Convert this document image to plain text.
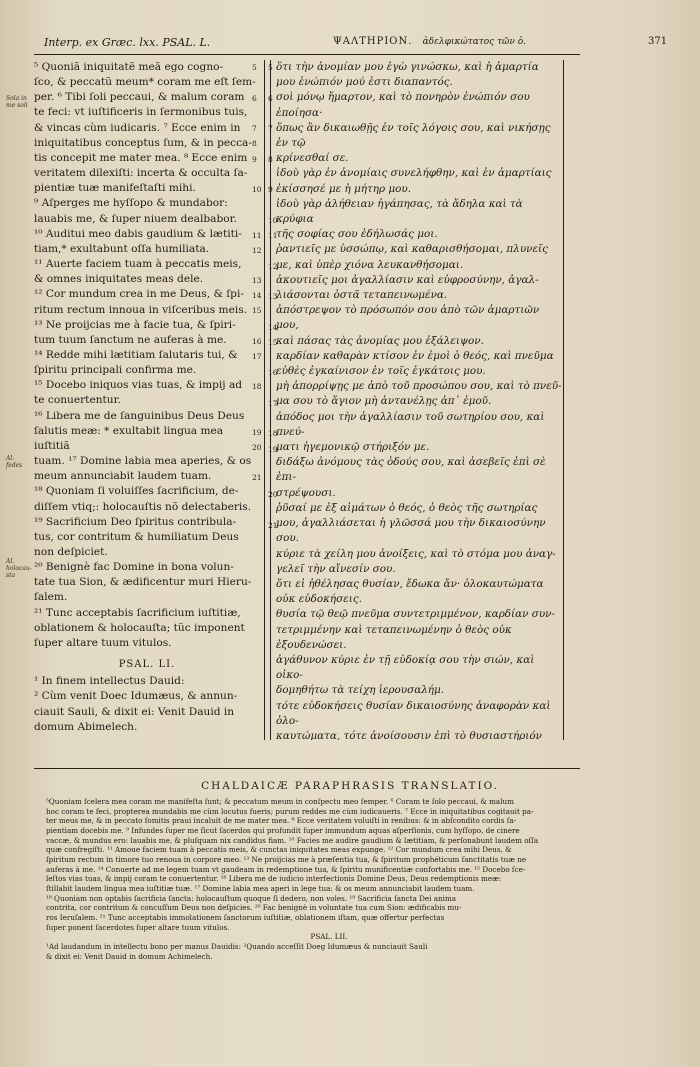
Interp. ex Græc. lxx. PSAL. L.	ΨΑΛΤΗΡΙΟΝ. ἀδελφικώτατος τῶν ὀ.	371
Sola in me soli
Al. fedes
Al. holocau-
sta

⁵ Quoniã iniquitatẽ meã ego cogno-

ſco, & peccatũ meum* coram me eſt ſem-

per. ⁶ Tibi ſoli peccaui, & malum coram

te feci: vt iuſtificeris in ſermonibus tuis,

& vincas cùm iudicaris. ⁷ Ecce enim in

iniquitatibus conceptus ſum, & in pecca-

tis concepit me mater mea. ⁸ Ecce enim

veritatem dilexiſti: incerta & occulta ſa-

pientiæ tuæ manifeſtaſti mihi.

⁹ Aſperges me hyſſopo & mundabor:

lauabis me, & ſuper niuem dealbabor.

¹⁰ Auditui meo dabis gaudium & lætiti-

tiam,* exultabunt oſſa humiliata.

¹¹ Auerte faciem tuam à peccatis meis,

& omnes iniquitates meas dele.

¹² Cor mundum crea in me Deus, & ſpi-

ritum rectum innoua in viſceribus meis.

¹³ Ne proijcias me à facie tua, & ſpiri-

tum tuum ſanctum ne auferas à me.

¹⁴ Redde mihi lætitiam ſalutaris tui, &

ſpiritu principali confirma me.

¹⁵ Docebo iniquos vias tuas, & impij ad

te conuertentur.

¹⁶ Libera me de ſanguinibus Deus Deus

ſalutis meæ: * exultabit lingua mea iuſtitiã

tuam. ¹⁷ Domine labia mea aperies, & os

meum annunciabit laudem tuam.

¹⁸ Quoniam ſi voluiſſes ſacrificium, de-

diſſem vtiq;: holocauſtis nõ delectaberis.

¹⁹ Sacrificium Deo ſpiritus contribula-

tus, cor contritum & humiliatum Deus

non deſpiciet.

²⁰ Benignè fac Domine in bona volun-

tate tua Sion, & ædificentur muri Hieru-

ſalem.

²¹ Tunc acceptabis ſacrificium iuſtitiæ,

oblationem & holocauſta; tũc imponent

ſuper altare tuum vitulos.

PSAL. LI.

¹ In finem intellectus Dauid:

² Cùm venit Doec Idumæus, & annun-

ciauit Sauli, & dixit ei: Venit Dauid in

domum Abimelech.

5
6
7
8
9
10
11
12
13
14
15
16
17
18
19
20
21
5
6
7
8
9
10
11
12
13
14
15
16
17
18
19
20
21

ὅτι τὴν ἀνομίαν μου ἐγὼ γινώσκω, καὶ ἡ ἁμαρτία

μου ἐνώπιόν μού ἐστι διαπαντός.

σοὶ μόνῳ ἥμαρτον, καὶ τὸ πονηρὸν ἐνώπιόν σου ἐποίησα·

ὅπως ἂν δικαιωθῇς ἐν τοῖς λόγοις σου, καὶ νικήσῃς ἐν τῷ

κρίνεσθαί σε.

ἰδοὺ γὰρ ἐν ἀνομίαις συνελήφθην, καὶ ἐν ἁμαρτίαις

ἐκίσσησέ με ἡ μήτηρ μου.

ἰδοὺ γὰρ ἀλήθειαν ἠγάπησας, τὰ ἄδηλα καὶ τὰ κρύφια

τῆς σοφίας σου ἐδήλωσάς μοι.

ῥαντιεῖς με ὑσσώπῳ, καὶ καθαρισθήσομαι, πλυνεῖς

με, καὶ ὑπὲρ χιόνα λευκανθήσομαι.

ἀκουτιεῖς μοι ἀγαλλίασιν καὶ εὐφροσύνην, ἀγαλ-

λιάσονται ὀστᾶ τεταπεινωμένα.

ἀπόστρεψον τὸ πρόσωπόν σου ἀπὸ τῶν ἁμαρτιῶν μου,

καὶ πάσας τὰς ἀνομίας μου ἐξάλειψον.

καρδίαν καθαρὰν κτίσον ἐν ἐμοὶ ὁ θεός, καὶ πνεῦμα

εὐθὲς ἐγκαίνισον ἐν τοῖς ἐγκάτοις μου.

μὴ ἀπορρίψῃς με ἀπὸ τοῦ προσώπου σου, καὶ τὸ πνεῦ-

μα σου τὸ ἅγιον μὴ ἀντανέλῃς ἀπ᾽ ἐμοῦ.

ἀπόδος μοι τὴν ἀγαλλίασιν τοῦ σωτηρίου σου, καὶ πνεύ-

ματι ἡγεμονικῷ στήριξόν με.

διδάξω ἀνόμους τὰς ὁδούς σου, καὶ ἀσεβεῖς ἐπὶ σὲ ἐπι-

στρέψουσι.

ῥῦσαί με ἐξ αἱμάτων ὁ θεός, ὁ θεὸς τῆς σωτηρίας

μου, ἀγαλλιάσεται ἡ γλῶσσά μου τὴν δικαιοσύνην σου.

κύριε τὰ χείλη μου ἀνοίξεις, καὶ τὸ στόμα μου ἀναγ-

γελεῖ τὴν αἴνεσίν σου.

ὅτι εἰ ἠθέλησας θυσίαν, ἔδωκα ἄν· ὁλοκαυτώματα

οὐκ εὐδοκήσεις.

θυσία τῷ θεῷ πνεῦμα συντετριμμένον, καρδίαν συν-

τετριμμένην καὶ τεταπεινωμένην ὁ θεὸς οὐκ ἐξουδενώσει.

ἀγάθυνον κύριε ἐν τῇ εὐδοκίᾳ σου τὴν σιών, καὶ οἰκο-

δομηθήτω τὰ τείχη ἱερουσαλήμ.

τότε εὐδοκήσεις θυσίαν δικαιοσύνης ἀναφορὰν καὶ ὁλο-

καυτώματα, τότε ἀνοίσουσιν ἐπὶ τὸ θυσιαστήριόν

CHALDAICÆ PARAPHRASIS TRANSLATIO.

⁵Quoniam ſcelera mea coram me manifeſta ſunt; & peccatum meum in conſpectu meo ſemper. ⁶ Coram te ſolo peccaui, & malum

hoc coram te feci, propterea mundabis me cùm locutus fueris; purum reddes me cùm iudicaueris. ⁷ Ecce in iniquitatibus cogitauit pa-

ter meus me, & in peccato fomitis praui incaluit de me mater mea. ⁸ Ecce veritatem voluiſti in renibus: & in abſcondito cordis ſa-

pientiam docebis me. ⁹ Infundes ſuper me ſicut ſacerdos qui profundit ſuper immundum aquas aſperſionis, cum hyſſopo, de cinere

vaccæ, & mundus ero: lauabis me, & pluſquam nix candidus fiam. ¹⁰ Facies me audire gaudium & lætitiam, & perſonabunt laudem oſſa

quæ confregiſti. ¹¹ Amoue faciem tuam à peccatis meis, & cunctas iniquitates meas expunge. ¹² Cor mundum crea mihi Deus, &

ſpiritum rectum in timore tuo renoua in corpore meo. ¹³ Ne proijcias me à præſentia tua, & ſpiritum prophéticum ſanctitatis tuæ ne

auferas à me. ¹⁴ Conuerte ad me legem tuam vt gaudeam in redemptione tua, & ſpiritu munificentiæ confortabis me. ¹⁵ Docebo ſce-

leſtos vias tuas, & impij coram te conuertentur. ¹⁶ Libera me de iudicio interfectionis Domine Deus, Deus redemptionis meæ:

ſtillabit laudem lingua mea iuſtitiæ tuæ. ¹⁷ Domine labia mea aperi in lege tua: & os meum annunciabit laudem tuam.

¹⁸ Quoniam non optabis ſacrificia ſancta: holocauſtum quoque ſi dedero, non voles. ¹⁹ Sacrificia ſancta Dei anima

contrita, cor contritum & concuſſum Deus non deſpicies. ²⁰ Fac benignè in voluntate tua cum Sion: ædificabis mu-

ros Ieruſalem. ²¹ Tunc acceptabis immolationem ſanctorum iuſtitiæ, oblationem iſtam, quæ offertur perfectas

ſuper ponent ſacerdotes ſuper altare tuum vitulos.

PSAL. LII.

¹Ad laudandum in intellectu bono per manus Dauidis: ²Quando acceſſit Doeg Idumæus & nunciauit Sauli

& dixit ei: Venit Dauid in domum Achimelech.
